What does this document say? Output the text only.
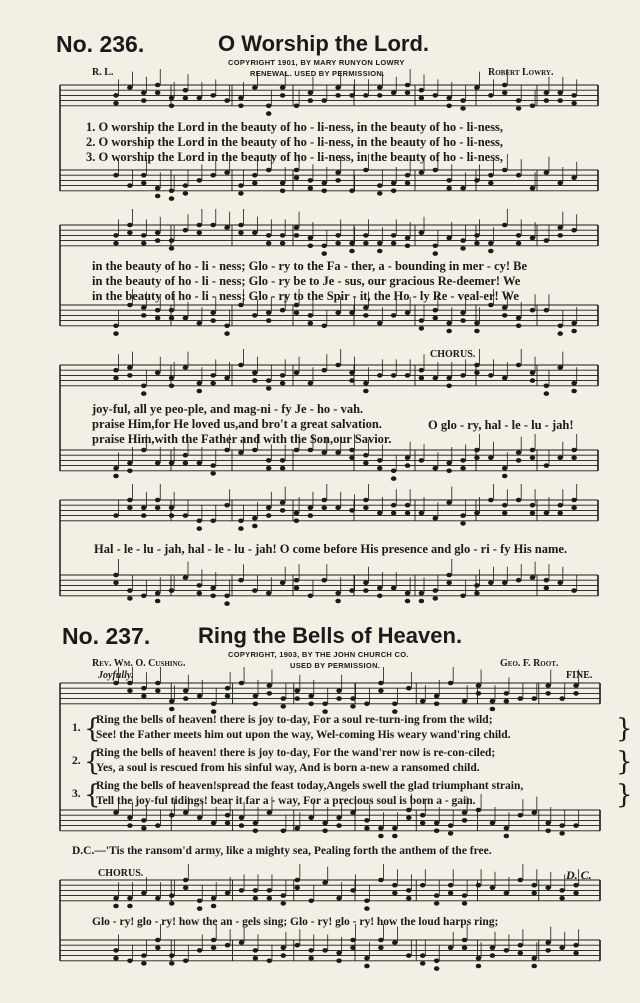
No. 236.	O Worship the Lord.
COPYRIGHT 1901, BY MARY RUNYON LOWRY
RENEWAL. USED BY PERMISSION.
R. L.	Robert Lowry.
1. O worship the Lord in the beauty of ho - li-ness, in the beauty of ho - li-ness,
2. O worship the Lord in the beauty of ho - li-ness, in the beauty of ho - li-ness,
3. O worship the Lord in the beauty of ho - li-ness, in the beauty of ho - li-ness,
in the beauty of ho - li - ness; Glo - ry to the Fa - ther, a - bounding in mer - cy! Be
in the beauty of ho - li - ness; Glo - ry be to Je - sus, our gracious Re-deemer! We
in the beauty of ho - li - ness; Glo - ry to the Spir - it, the Ho - ly Re - veal-er! We
CHORUS.
joy-ful, all ye peo-ple, and mag-ni - fy Je - ho - vah.
praise Him,for He loved us,and bro't a great salvation.
praise Him,with the Father and with the Son,our Savior.
O glo - ry, hal - le - lu - jah!
Hal - le - lu - jah, hal - le - lu - jah! O come before His presence and glo - ri - fy His name.
No. 237. Ring the Bells of Heaven.
COPYRIGHT, 1903, BY THE JOHN CHURCH CO.
USED BY PERMISSION.
Rev. Wm. O. Cushing.	Geo. F. Root.
Joyfully.	FINE.
1. {
Ring the bells of heaven! there is joy to-day, For a soul re-turn-ing from the wild;
See! the Father meets him out upon the way, Wel-coming His weary wand'ring child.	}
2. {
Ring the bells of heaven! there is joy to-day, For the wand'rer now is re-con-ciled;
Yes, a soul is rescued from his sinful way, And is born a-new a ransomed child.	}
3. {
Ring the bells of heaven!spread the feast today,Angels swell the glad triumphant strain,
Tell the joy-ful tidings! bear it far a - way, For a precious soul is born a - gain.	}
D.C.—'Tis the ransom'd army, like a mighty sea, Pealing forth the anthem of the free.
CHORUS.	D. C.
Glo - ry! glo - ry! how the an - gels sing; Glo - ry! glo - ry! how the loud harps ring;
